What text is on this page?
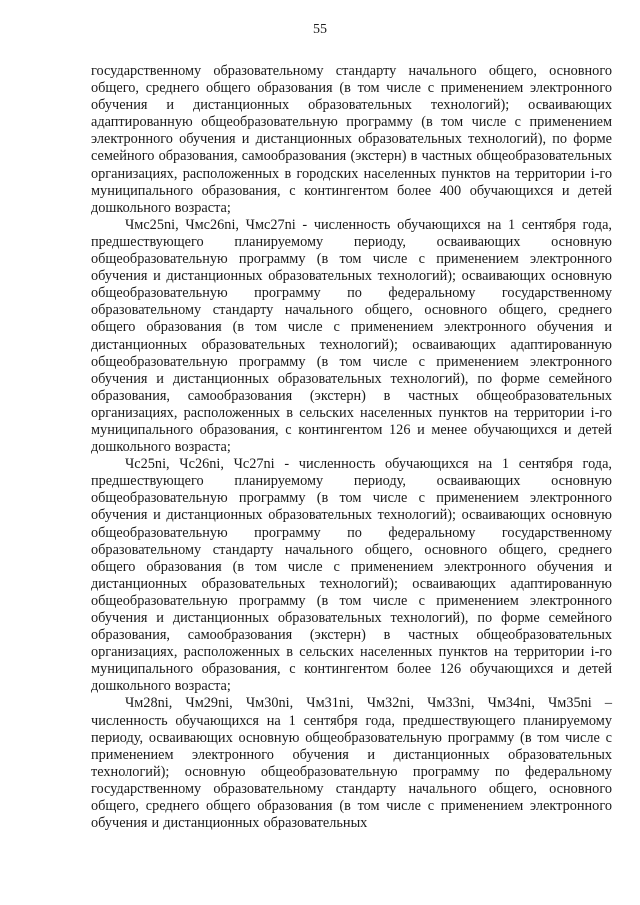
55

государственному образовательному стандарту начального общего, основного общего, среднего общего образования (в том числе с применением электронного обучения и дистанционных образовательных технологий); осваивающих адаптированную общеобразовательную программу (в том числе с применением электронного обучения и дистанционных образовательных технологий), по форме семейного образования, самообразования (экстерн) в частных общеобразовательных организациях, расположенных в городских населенных пунктов на территории i-го муниципального образования, с контингентом более 400 обучающихся и детей дошкольного возраста;

Чмс25ni, Чмс26ni, Чмс27ni - численность обучающихся на 1 сентября года, предшествующего планируемому периоду, осваивающих основную общеобразовательную программу (в том числе с применением электронного обучения и дистанционных образовательных технологий); осваивающих основную общеобразовательную программу по федеральному государственному образовательному стандарту начального общего, основного общего, среднего общего образования (в том числе с применением электронного обучения и дистанционных образовательных технологий); осваивающих адаптированную общеобразовательную программу (в том числе с применением электронного обучения и дистанционных образовательных технологий), по форме семейного образования, самообразования (экстерн) в частных общеобразовательных организациях, расположенных в сельских населенных пунктов на территории i-го муниципального образования, с контингентом 126 и менее обучающихся и детей дошкольного возраста;

Чс25ni, Чс26ni, Чс27ni - численность обучающихся на 1 сентября года, предшествующего планируемому периоду, осваивающих основную общеобразовательную программу (в том числе с применением электронного обучения и дистанционных образовательных технологий); осваивающих основную общеобразовательную программу по федеральному государственному образовательному стандарту начального общего, основного общего, среднего общего образования (в том числе с применением электронного обучения и дистанционных образовательных технологий); осваивающих адаптированную общеобразовательную программу (в том числе с применением электронного обучения и дистанционных образовательных технологий), по форме семейного образования, самообразования (экстерн) в частных общеобразовательных организациях, расположенных в сельских населенных пунктов на территории i-го муниципального образования, с контингентом более 126 обучающихся и детей дошкольного возраста;

Чм28ni, Чм29ni, Чм30ni, Чм31ni, Чм32ni, Чм33ni, Чм34ni, Чм35ni – численность обучающихся на 1 сентября года, предшествующего планируемому периоду, осваивающих основную общеобразовательную программу (в том числе с применением электронного обучения и дистанционных образовательных технологий); основную общеобразовательную программу по федеральному государственному образовательному стандарту начального общего, основного общего, среднего общего образования (в том числе с применением электронного обучения и дистанционных образовательных
